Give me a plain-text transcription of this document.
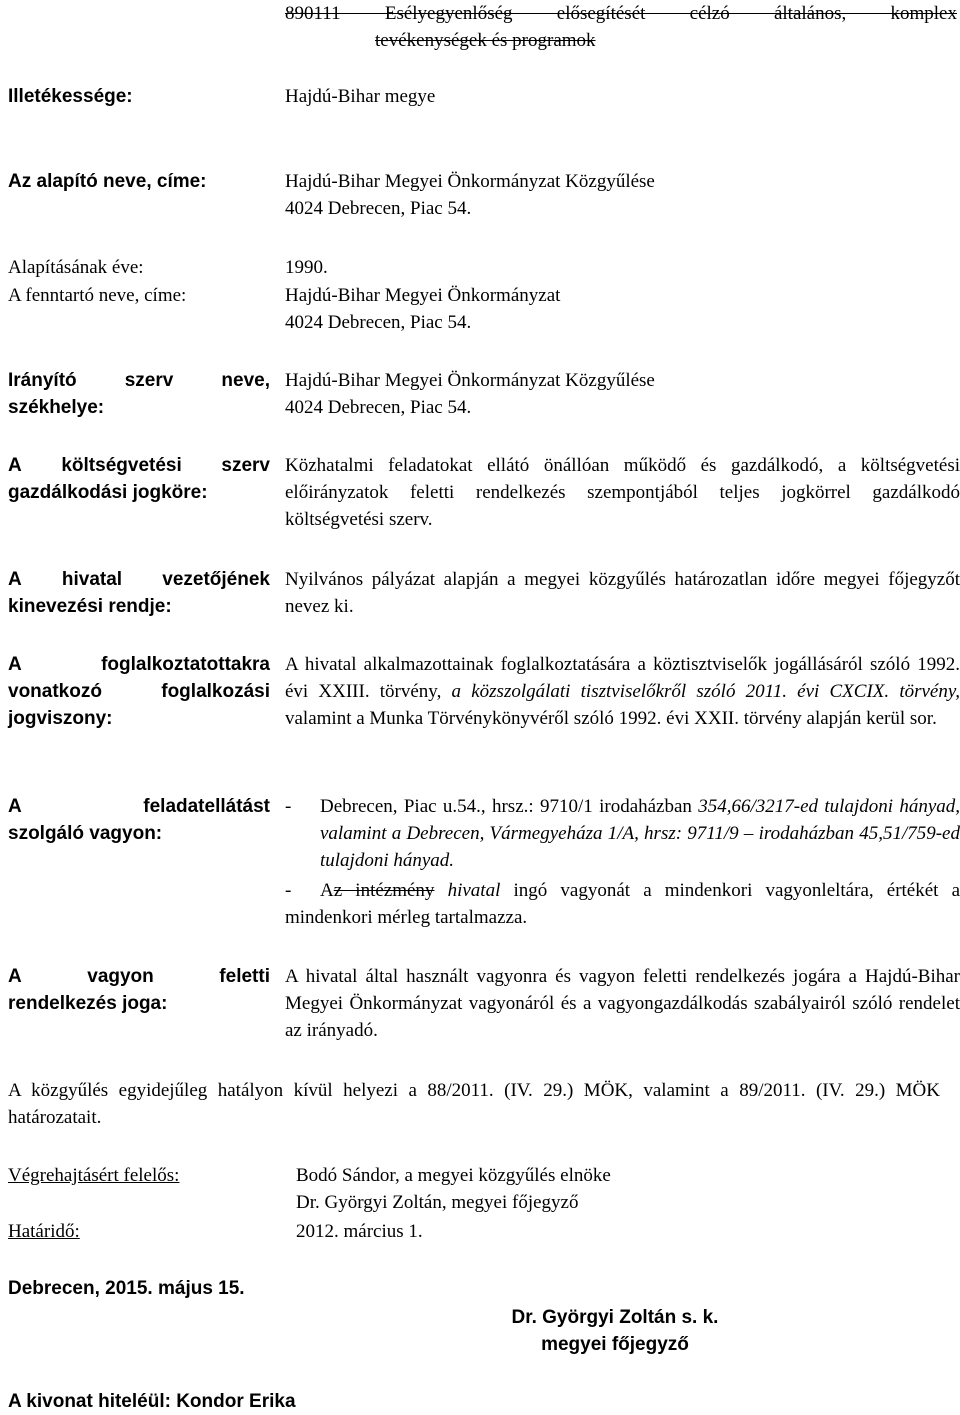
890111 Esélyegyenlőség elősegítését célzó általános, komplex
tevékenységek és programok
Illetékessége:	Hajdú-Bihar megye
Az alapító neve, címe:	Hajdú-Bihar Megyei Önkormányzat Közgyűlése
4024 Debrecen, Piac 54.
Alapításának éve:	1990.
A fenntartó neve, címe:	Hajdú-Bihar Megyei Önkormányzat
4024 Debrecen, Piac 54.
Irányító	szerv	neve,
székhelye:
Hajdú-Bihar Megyei Önkormányzat Közgyűlése
4024 Debrecen, Piac 54.
A költségvetési szerv
gazdálkodási jogköre:
Közhatalmi feladatokat ellátó önállóan működő és gazdálkodó, a költségvetési előirányzatok feletti rendelkezés szempontjából teljes jogkörrel gazdálkodó költségvetési szerv.
A hivatal vezetőjének
kinevezési rendje:
Nyilvános pályázat alapján a megyei közgyűlés határozatlan időre megyei főjegyzőt nevez ki.
A	foglalkoztatottakra
vonatkozó	foglalkozási
jogviszony:
A hivatal alkalmazottainak foglalkoztatására a köztisztviselők jogállásáról szóló 1992. évi XXIII. törvény, a közszolgálati tisztviselőkről szóló 2011. évi CXCIX. törvény, valamint a Munka Törvénykönyvéről szóló 1992. évi XXII. törvény alapján kerül sor.
A	feladatellátást
szolgáló vagyon:
-	Debrecen, Piac u.54., hrsz.: 9710/1 irodaházban 354,66/3217-ed tulajdoni hányad, valamint a Debrecen, Vármegyeháza 1/A, hrsz: 9711/9 – irodaházban 45,51/759-ed tulajdoni hányad.
-	Az intézmény hivatal ingó vagyonát a mindenkori vagyonleltára, értékét a mindenkori mérleg tartalmazza.
A	vagyon	feletti
rendelkezés joga:
A hivatal által használt vagyonra és vagyon feletti rendelkezés jogára a Hajdú-Bihar Megyei Önkormányzat vagyonáról és a vagyongazdálkodás szabályairól szóló rendelet az irányadó.
A közgyűlés egyidejűleg hatályon kívül helyezi a 88/2011. (IV. 29.) MÖK, valamint a 89/2011. (IV. 29.) MÖK határozatait.
Végrehajtásért felelős:	Bodó Sándor, a megyei közgyűlés elnöke
Dr. Györgyi Zoltán, megyei főjegyző
Határidő:	2012. március 1.
Debrecen, 2015. május 15.
Dr. Györgyi Zoltán s. k.
megyei főjegyző
A kivonat hiteléül: Kondor Erika
